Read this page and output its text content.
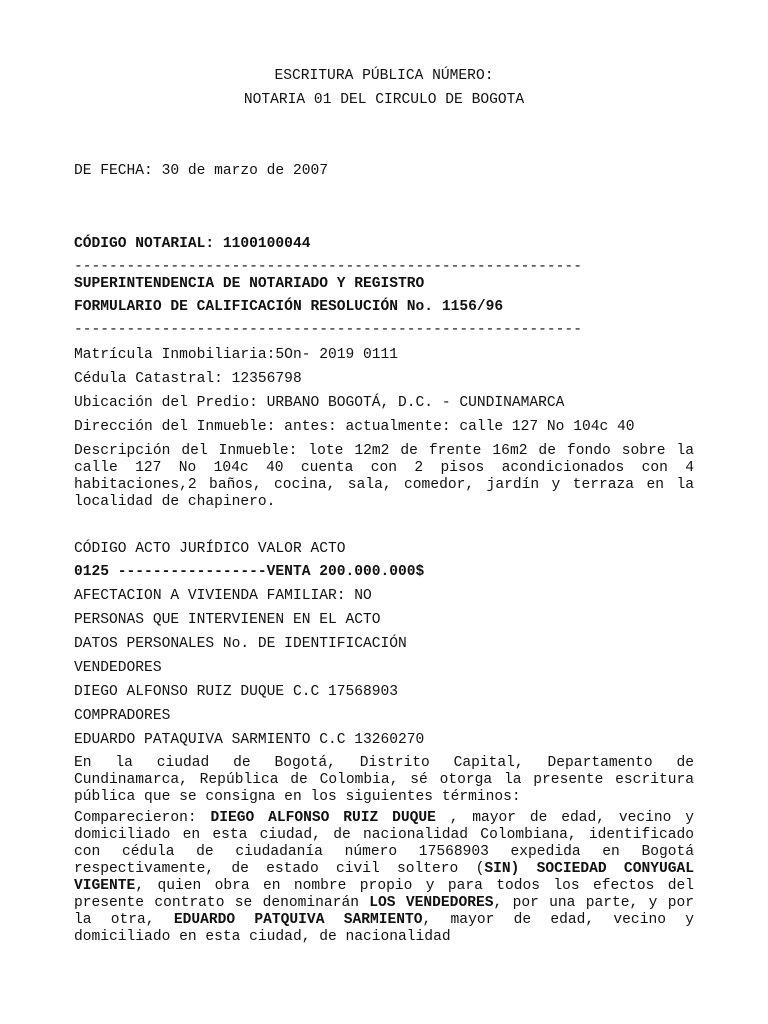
ESCRITURA PÚBLICA NÚMERO:
NOTARIA 01 DEL CIRCULO DE BOGOTA
DE FECHA: 30 de marzo de 2007
CÓDIGO NOTARIAL: 1100100044
----------------------------------------------------------
SUPERINTENDENCIA DE NOTARIADO Y REGISTRO
FORMULARIO DE CALIFICACIÓN RESOLUCIÓN No. 1156/96
----------------------------------------------------------
Matrícula Inmobiliaria:5On- 2019 0111
Cédula Catastral: 12356798
Ubicación del Predio: URBANO BOGOTÁ, D.C. - CUNDINAMARCA
Dirección del Inmueble: antes: actualmente: calle 127 No 104c 40
Descripción del Inmueble: lote 12m2 de frente 16m2 de fondo sobre la calle 127 No 104c 40 cuenta con 2 pisos acondicionados con 4 habitaciones,2 baños, cocina, sala, comedor, jardín y terraza en la localidad de chapinero.
CÓDIGO ACTO JURÍDICO VALOR ACTO
0125 -----------------VENTA 200.000.000$
AFECTACION A VIVIENDA FAMILIAR: NO
PERSONAS QUE INTERVIENEN EN EL ACTO
DATOS PERSONALES No. DE IDENTIFICACIÓN
VENDEDORES
DIEGO ALFONSO RUIZ DUQUE C.C 17568903
COMPRADORES
EDUARDO PATAQUIVA SARMIENTO C.C 13260270
En la ciudad de Bogotá, Distrito Capital, Departamento de Cundinamarca, República de Colombia, sé otorga la presente escritura pública que se consigna en los siguientes términos:
Comparecieron: DIEGO ALFONSO RUIZ DUQUE , mayor de edad, vecino y domiciliado en esta ciudad, de nacionalidad Colombiana, identificado con cédula de ciudadanía número 17568903 expedida en Bogotá respectivamente, de estado civil soltero (SIN) SOCIEDAD CONYUGAL VIGENTE, quien obra en nombre propio y para todos los efectos del presente contrato se denominarán LOS VENDEDORES, por una parte, y por la otra, EDUARDO PATQUIVA SARMIENTO, mayor de edad, vecino y domiciliado en esta ciudad, de nacionalidad
